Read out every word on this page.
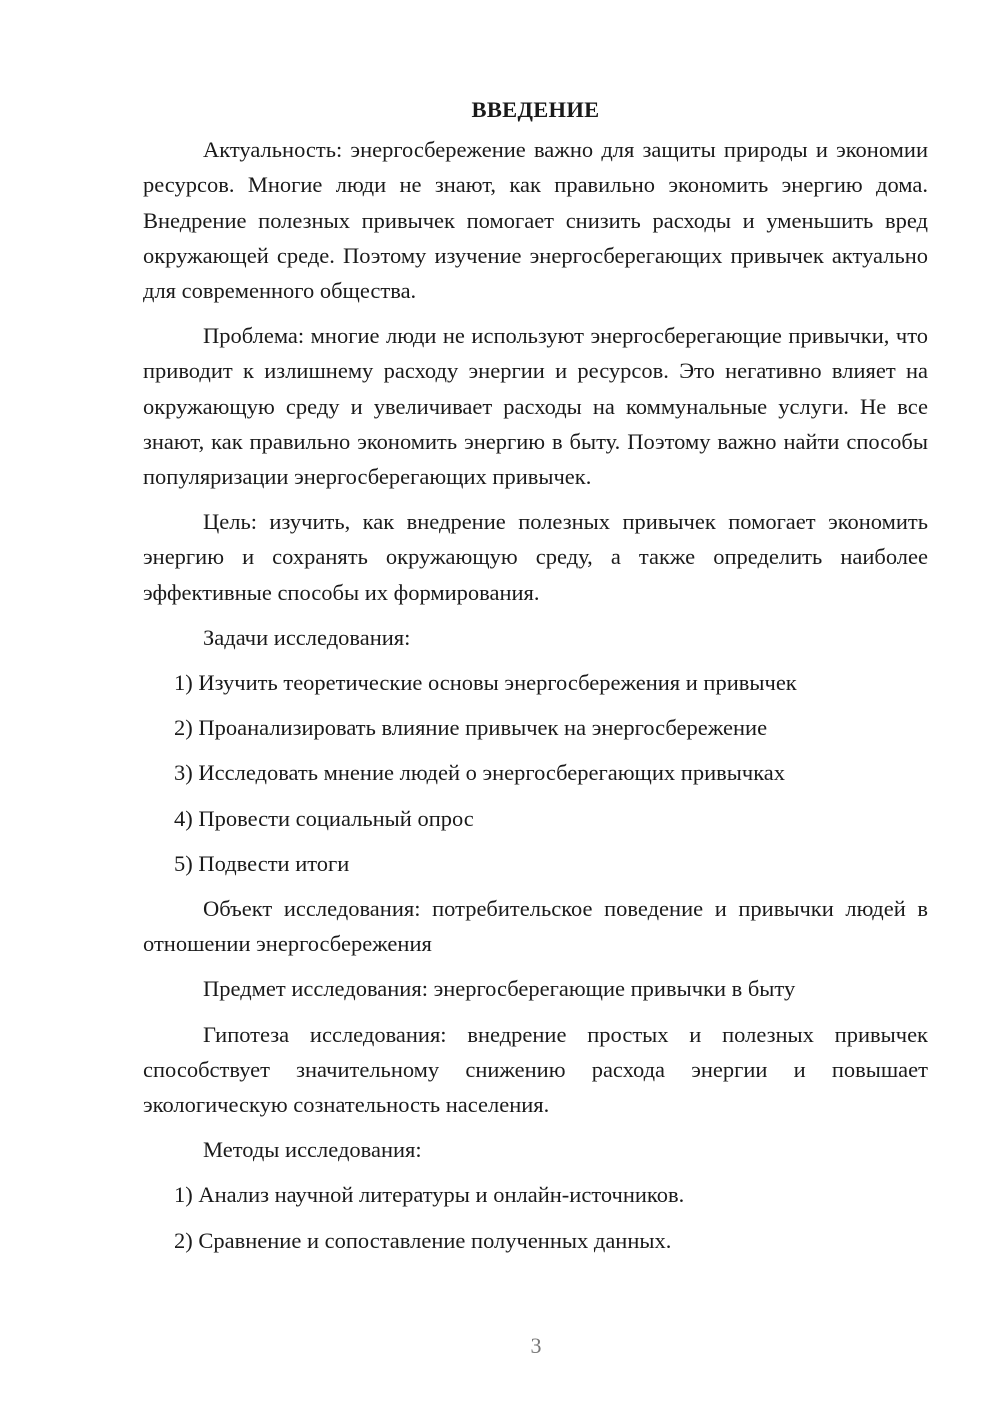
ВВЕДЕНИЕ

Актуальность: энергосбережение важно для защиты природы и экономии ресурсов. Многие люди не знают, как правильно экономить энергию дома. Внедрение полезных привычек помогает снизить расходы и уменьшить вред окружающей среде. Поэтому изучение энергосберегающих привычек актуально для современного общества.

Проблема: многие люди не используют энергосберегающие привычки, что приводит к излишнему расходу энергии и ресурсов. Это негативно влияет на окружающую среду и увеличивает расходы на коммунальные услуги. Не все знают, как правильно экономить энергию в быту. Поэтому важно найти способы популяризации энергосберегающих привычек.

Цель: изучить, как внедрение полезных привычек помогает экономить энергию и сохранять окружающую среду, а также определить наиболее эффективные способы их формирования.

Задачи исследования:

1) Изучить теоретические основы энергосбережения и привычек

2) Проанализировать влияние привычек на энергосбережение

3) Исследовать мнение людей о энергосберегающих привычках

4) Провести социальный опрос

5) Подвести итоги

Объект исследования: потребительское поведение и привычки людей в отношении энергосбережения

Предмет исследования: энергосберегающие привычки в быту

Гипотеза исследования: внедрение простых и полезных привычек способствует значительному снижению расхода энергии и повышает экологическую сознательность населения.

Методы исследования:

1) Анализ научной литературы и онлайн-источников.

2) Сравнение и сопоставление полученных данных.

3
